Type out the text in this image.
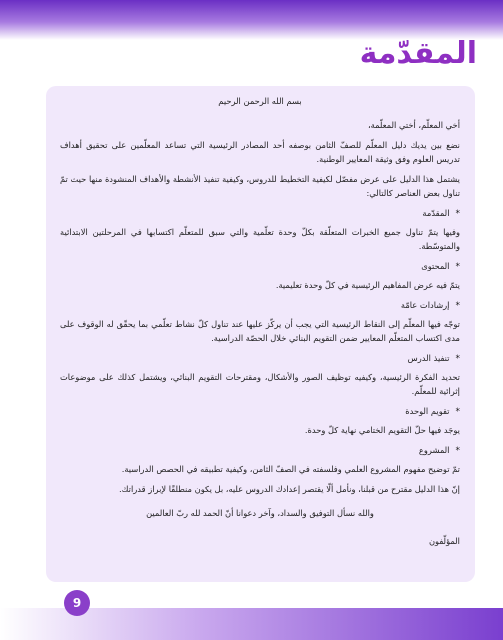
المقدّمة
بسم الله الرحمن الرحيم
أخي المعلّم، أختي المعلّمة،
نضع بين يديك دليل المعلّم للصفّ الثامن بوصفه أحد المصادر الرئيسية التي تساعد المعلّمين على تحقيق أهداف تدريس العلوم وفق وثيقة المعايير الوطنية.
يشتمل هذا الدليل على عرض مفصّل لكيفية التخطيط للدروس، وكيفية تنفيذ الأنشطة والأهداف المنشودة منها حيث تمّ تناول بعض العناصر كالتالي:
*المقدّمة
وفيها يتمّ تناول جميع الخبرات المتعلّقة بكلّ وحدة تعلّمية والتي سبق للمتعلّم اكتسابها في المرحلتين الابتدائية والمتوسّطة.
*المحتوى
يتمّ فيه عرض المفاهيم الرئيسية في كلّ وحدة تعليمية.
*إرشادات عامّة
توجّه فيها المعلّم إلى النقاط الرئيسية التي يجب أن يركّز عليها عند تناول كلّ نشاط تعلّمي بما يحقّق له الوقوف على مدى اكتساب المتعلّم المعايير ضمن التقويم البنائي خلال الحصّة الدراسية.
*تنفيذ الدرس
تحديد الفكرة الرئيسية، وكيفيه توظيف الصور والأشكال، ومقترحات التقويم البنائي، ويشتمل كذلك على موضوعات إثرائية للمعلّم.
*تقويم الوحدة
يوجَد فيها حلّ التقويم الختامي نهاية كلّ وحدة.
*المشروع
تمّ توضيح مفهوم المشروع العلمي وفلسفته في الصفّ الثامن، وكيفية تطبيقه في الحصص الدراسية.
إنّ هذا الدليل مقترح من قبلنا، ونأمل ألّا يقتصر إعدادك الدروس عليه، بل يكون منطلقًا لإبراز قدراتك.
والله نسأل التوفيق والسداد، وآخر دعوانا أنّ الحمد لله ربّ العالمين
المؤلّفون
9
